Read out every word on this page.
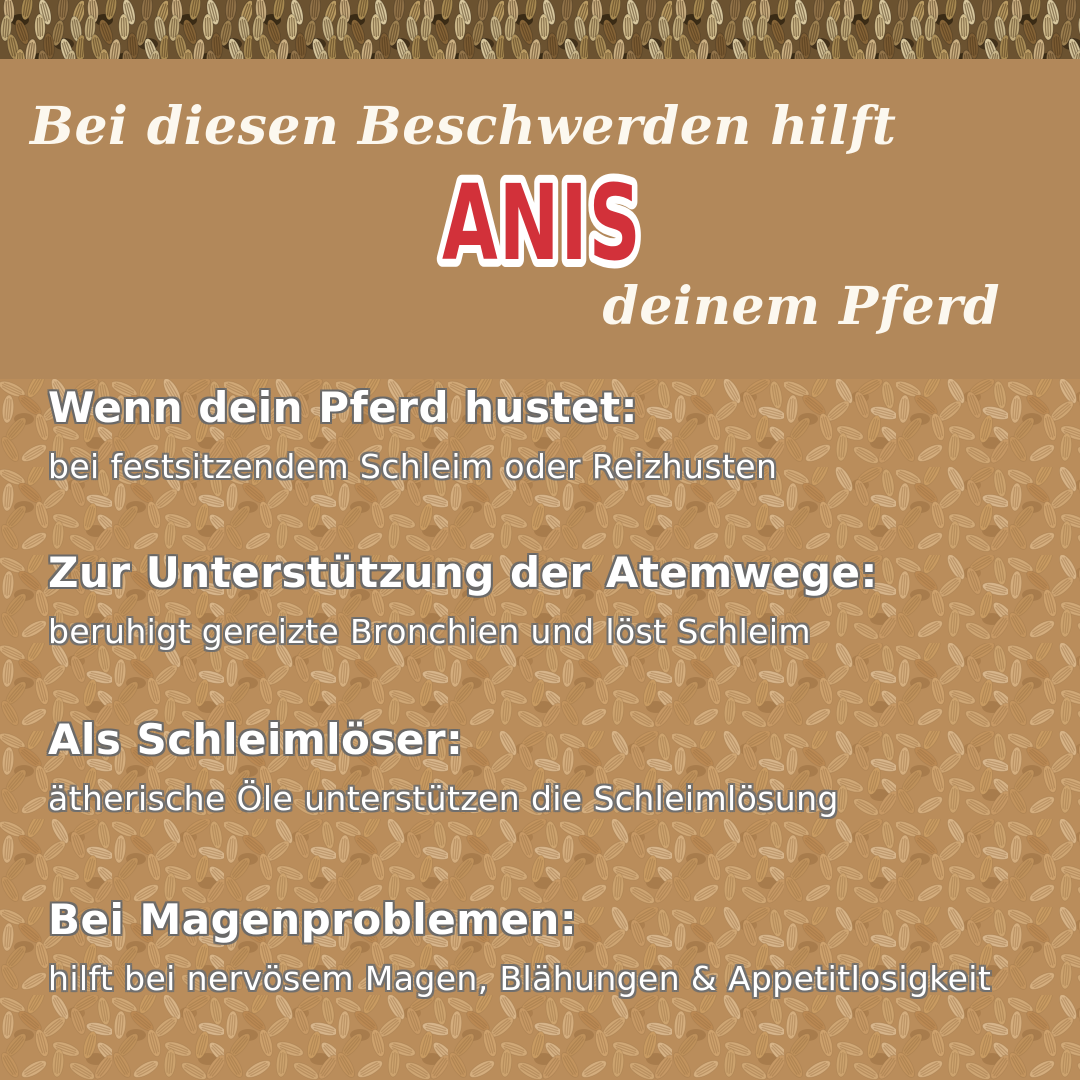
Bei diesen Beschwerden hilft
ANIS
deinem Pferd

Wenn dein Pferd hustet:

bei festsitzendem Schleim oder Reizhusten

Zur Unterstützung der Atemwege:

beruhigt gereizte Bronchien und löst Schleim

Als Schleimlöser:

ätherische Öle unterstützen die Schleimlösung

Bei Magenproblemen:

hilft bei nervösem Magen, Blähungen & Appetitlosigkeit
